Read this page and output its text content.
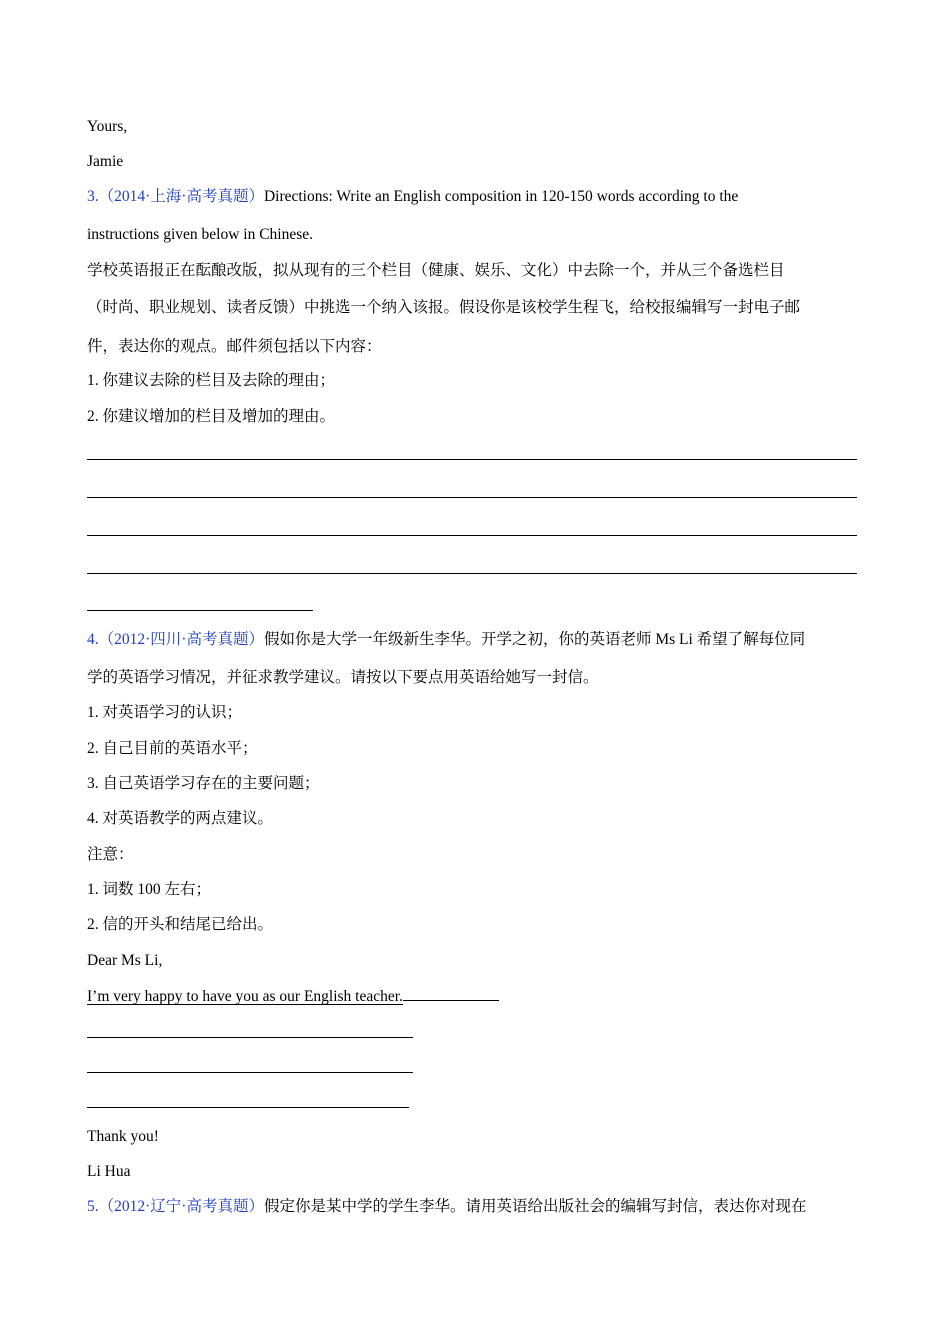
Yours,
Jamie
3.（2014·上海·高考真题）Directions: Write an English composition in 120-150 words according to the
instructions given below in Chinese.
学校英语报正在酝酿改版，拟从现有的三个栏目（健康、娱乐、文化）中去除一个，并从三个备选栏目
（时尚、职业规划、读者反馈）中挑选一个纳入该报。假设你是该校学生程飞，给校报编辑写一封电子邮
件，表达你的观点。邮件须包括以下内容：
1. 你建议去除的栏目及去除的理由；
2. 你建议增加的栏目及增加的理由。
4.（2012·四川·高考真题）假如你是大学一年级新生李华。开学之初，你的英语老师 Ms Li 希望了解每位同
学的英语学习情况，并征求教学建议。请按以下要点用英语给她写一封信。
1. 对英语学习的认识；
2. 自己目前的英语水平；
3. 自己英语学习存在的主要问题；
4. 对英语教学的两点建议。
注意：
1. 词数 100 左右；
2. 信的开头和结尾已给出。
Dear Ms Li,
I’m very happy to have you as our English teacher.
Thank you!
Li Hua
5.（2012·辽宁·高考真题）假定你是某中学的学生李华。请用英语给出版社会的编辑写封信，表达你对现在
